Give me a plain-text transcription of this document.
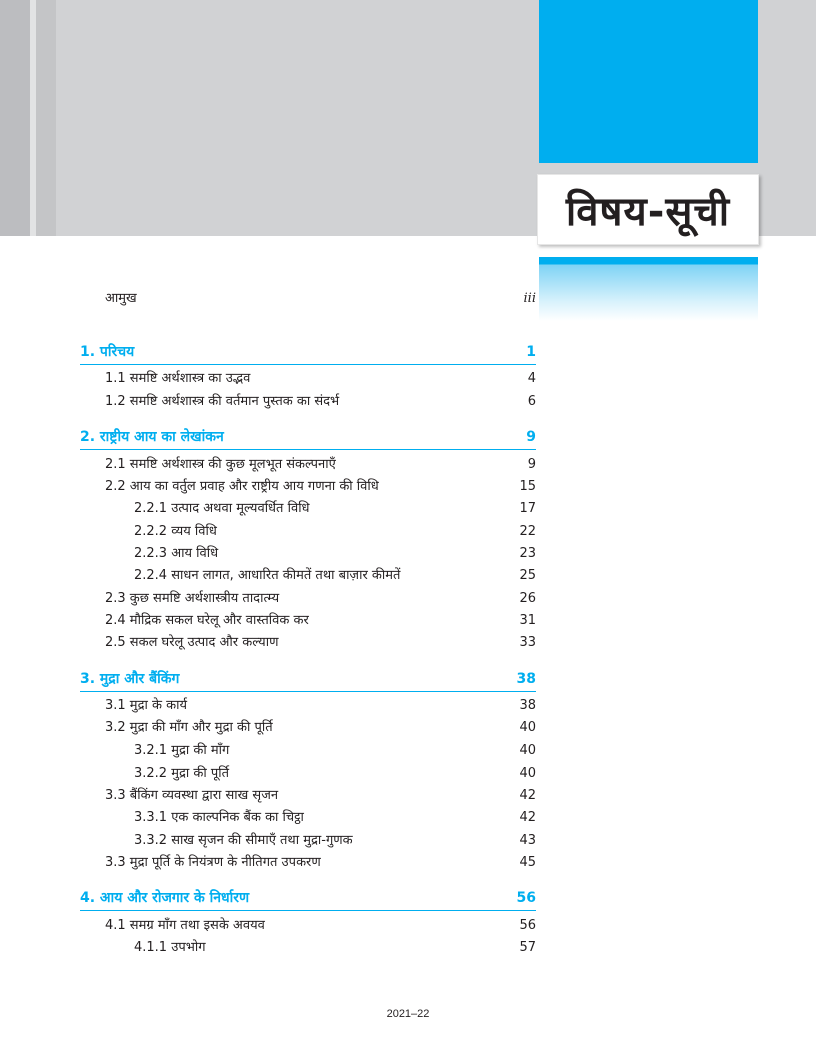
विषय-सूची
आमुख	iii
1. परिचय	1
1.1 समष्टि अर्थशास्त्र का उद्भव	4
1.2 समष्टि अर्थशास्त्र की वर्तमान पुस्तक का संदर्भ	6
2. राष्ट्रीय आय का लेखांकन	9
2.1 समष्टि अर्थशास्त्र की कुछ मूलभूत संकल्पनाएँ	9
2.2 आय का वर्तुल प्रवाह और राष्ट्रीय आय गणना की विधि	15
2.2.1 उत्पाद अथवा मूल्यवर्धित विधि	17
2.2.2 व्यय विधि	22
2.2.3 आय विधि	23
2.2.4 साधन लागत, आधारित कीमतें तथा बाज़ार कीमतें	25
2.3 कुछ समष्टि अर्थशास्त्रीय तादात्म्य	26
2.4 मौद्रिक सकल घरेलू और वास्तविक कर	31
2.5 सकल घरेलू उत्पाद और कल्याण	33
3. मुद्रा और बैंकिंग	38
3.1 मुद्रा के कार्य	38
3.2 मुद्रा की माँग और मुद्रा की पूर्ति	40
3.2.1 मुद्रा की माँग	40
3.2.2 मुद्रा की पूर्ति	40
3.3 बैंकिंग व्यवस्था द्वारा साख सृजन	42
3.3.1 एक काल्पनिक बैंक का चिट्ठा	42
3.3.2 साख सृजन की सीमाएँ तथा मुद्रा-गुणक	43
3.3 मुद्रा पूर्ति के नियंत्रण के नीतिगत उपकरण	45
4. आय और रोजगार के निर्धारण	56
4.1 समग्र माँग तथा इसके अवयव	56
4.1.1 उपभोग	57
2021–22
